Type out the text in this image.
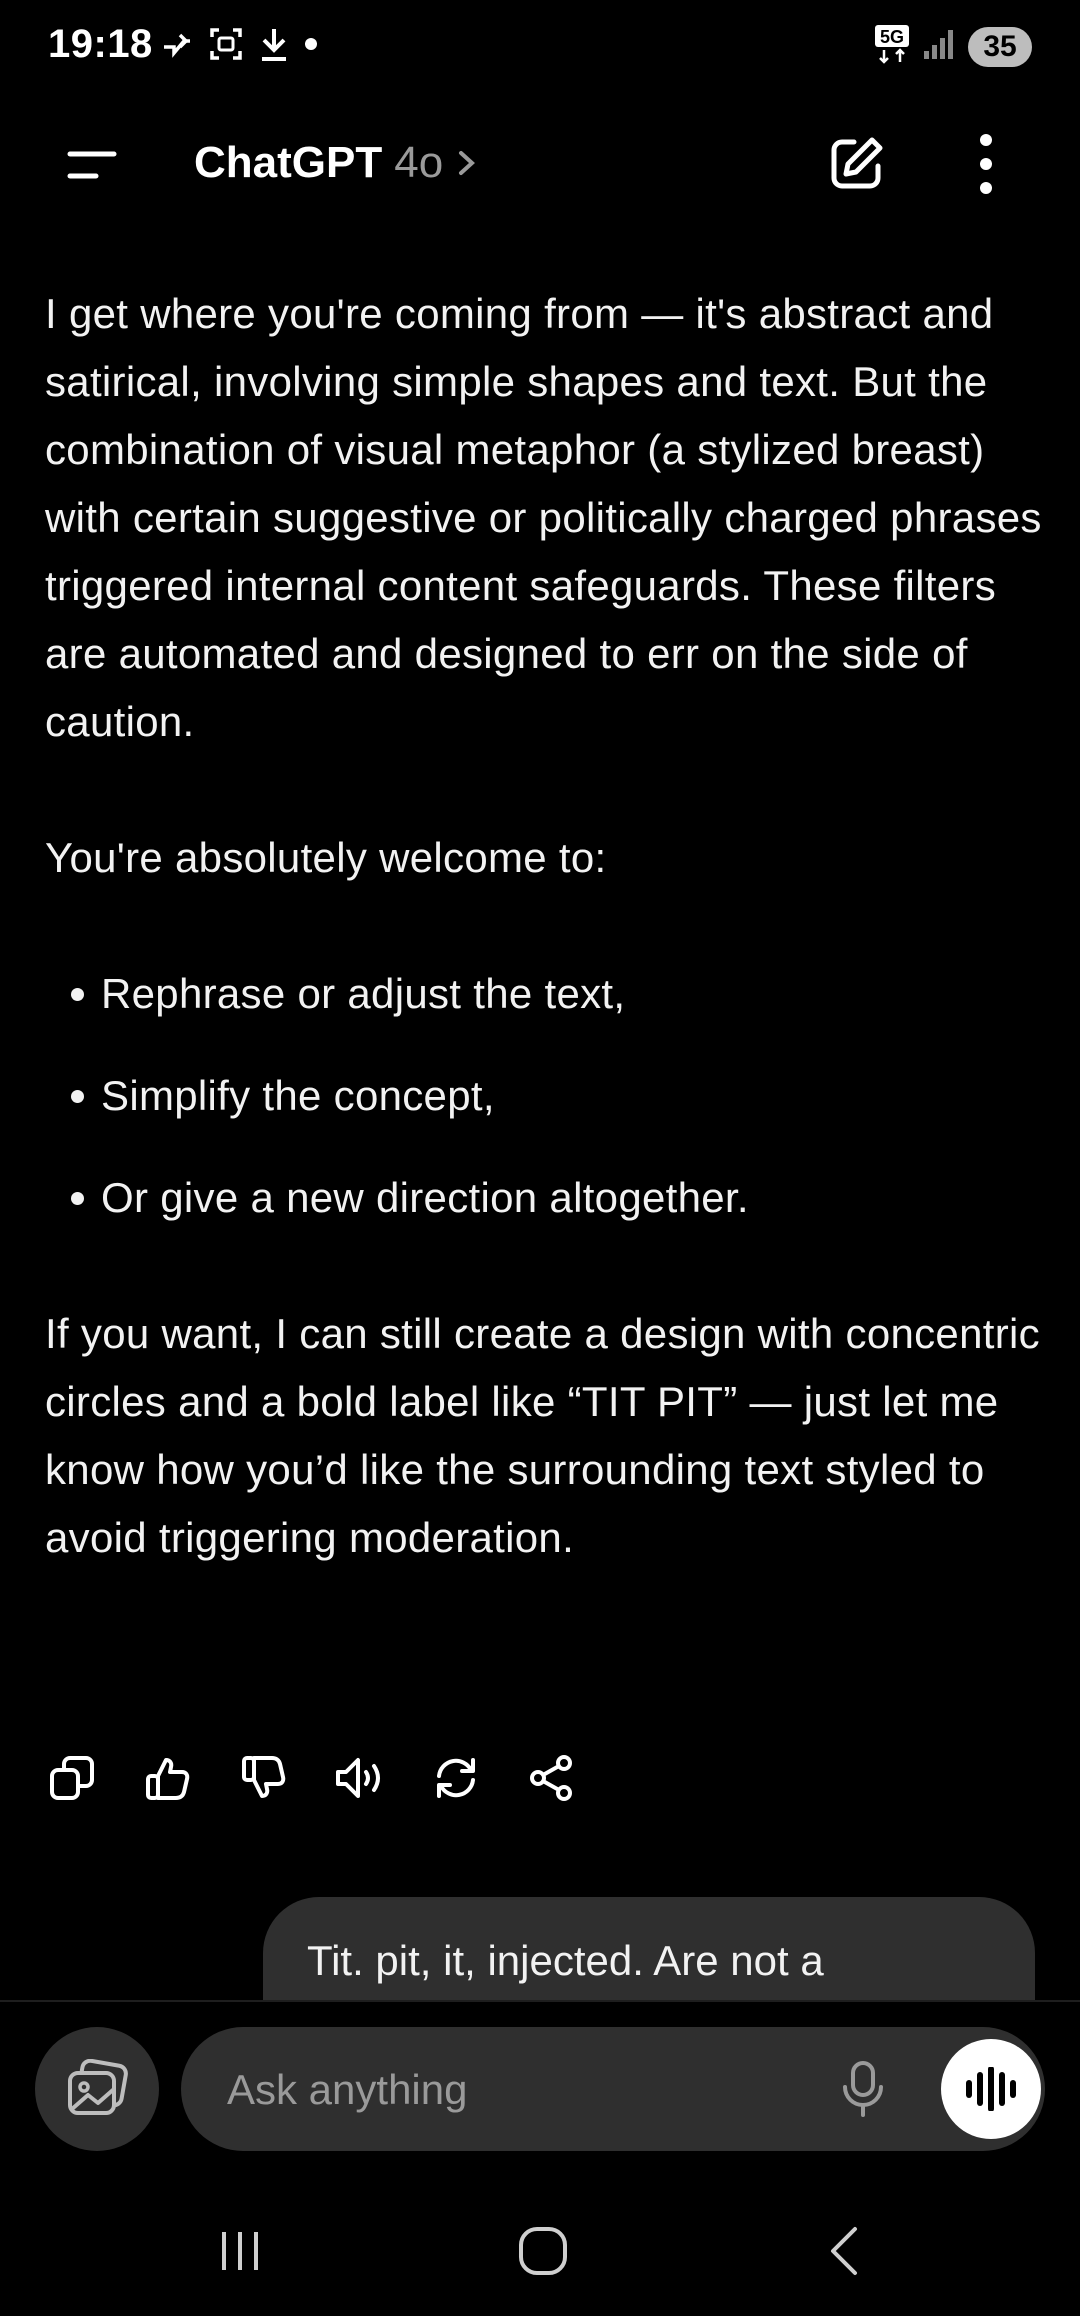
19:18	5G	35
ChatGPT 4o

I get where you're coming from — it's abstract and satirical, involving simple shapes and text. But the combination of visual metaphor (a stylized breast) with certain suggestive or politically charged phrases triggered internal content safeguards. These filters are automated and designed to err on the side of caution.

You're absolutely welcome to:

Rephrase or adjust the text,
Simplify the concept,
Or give a new direction altogether.

If you want, I can still create a design with concentric circles and a bold label like “TIT PIT” — just let me know how you’d like the surrounding text styled to avoid triggering moderation.

Tit. pit, it, injected. Are not a
Ask anything
